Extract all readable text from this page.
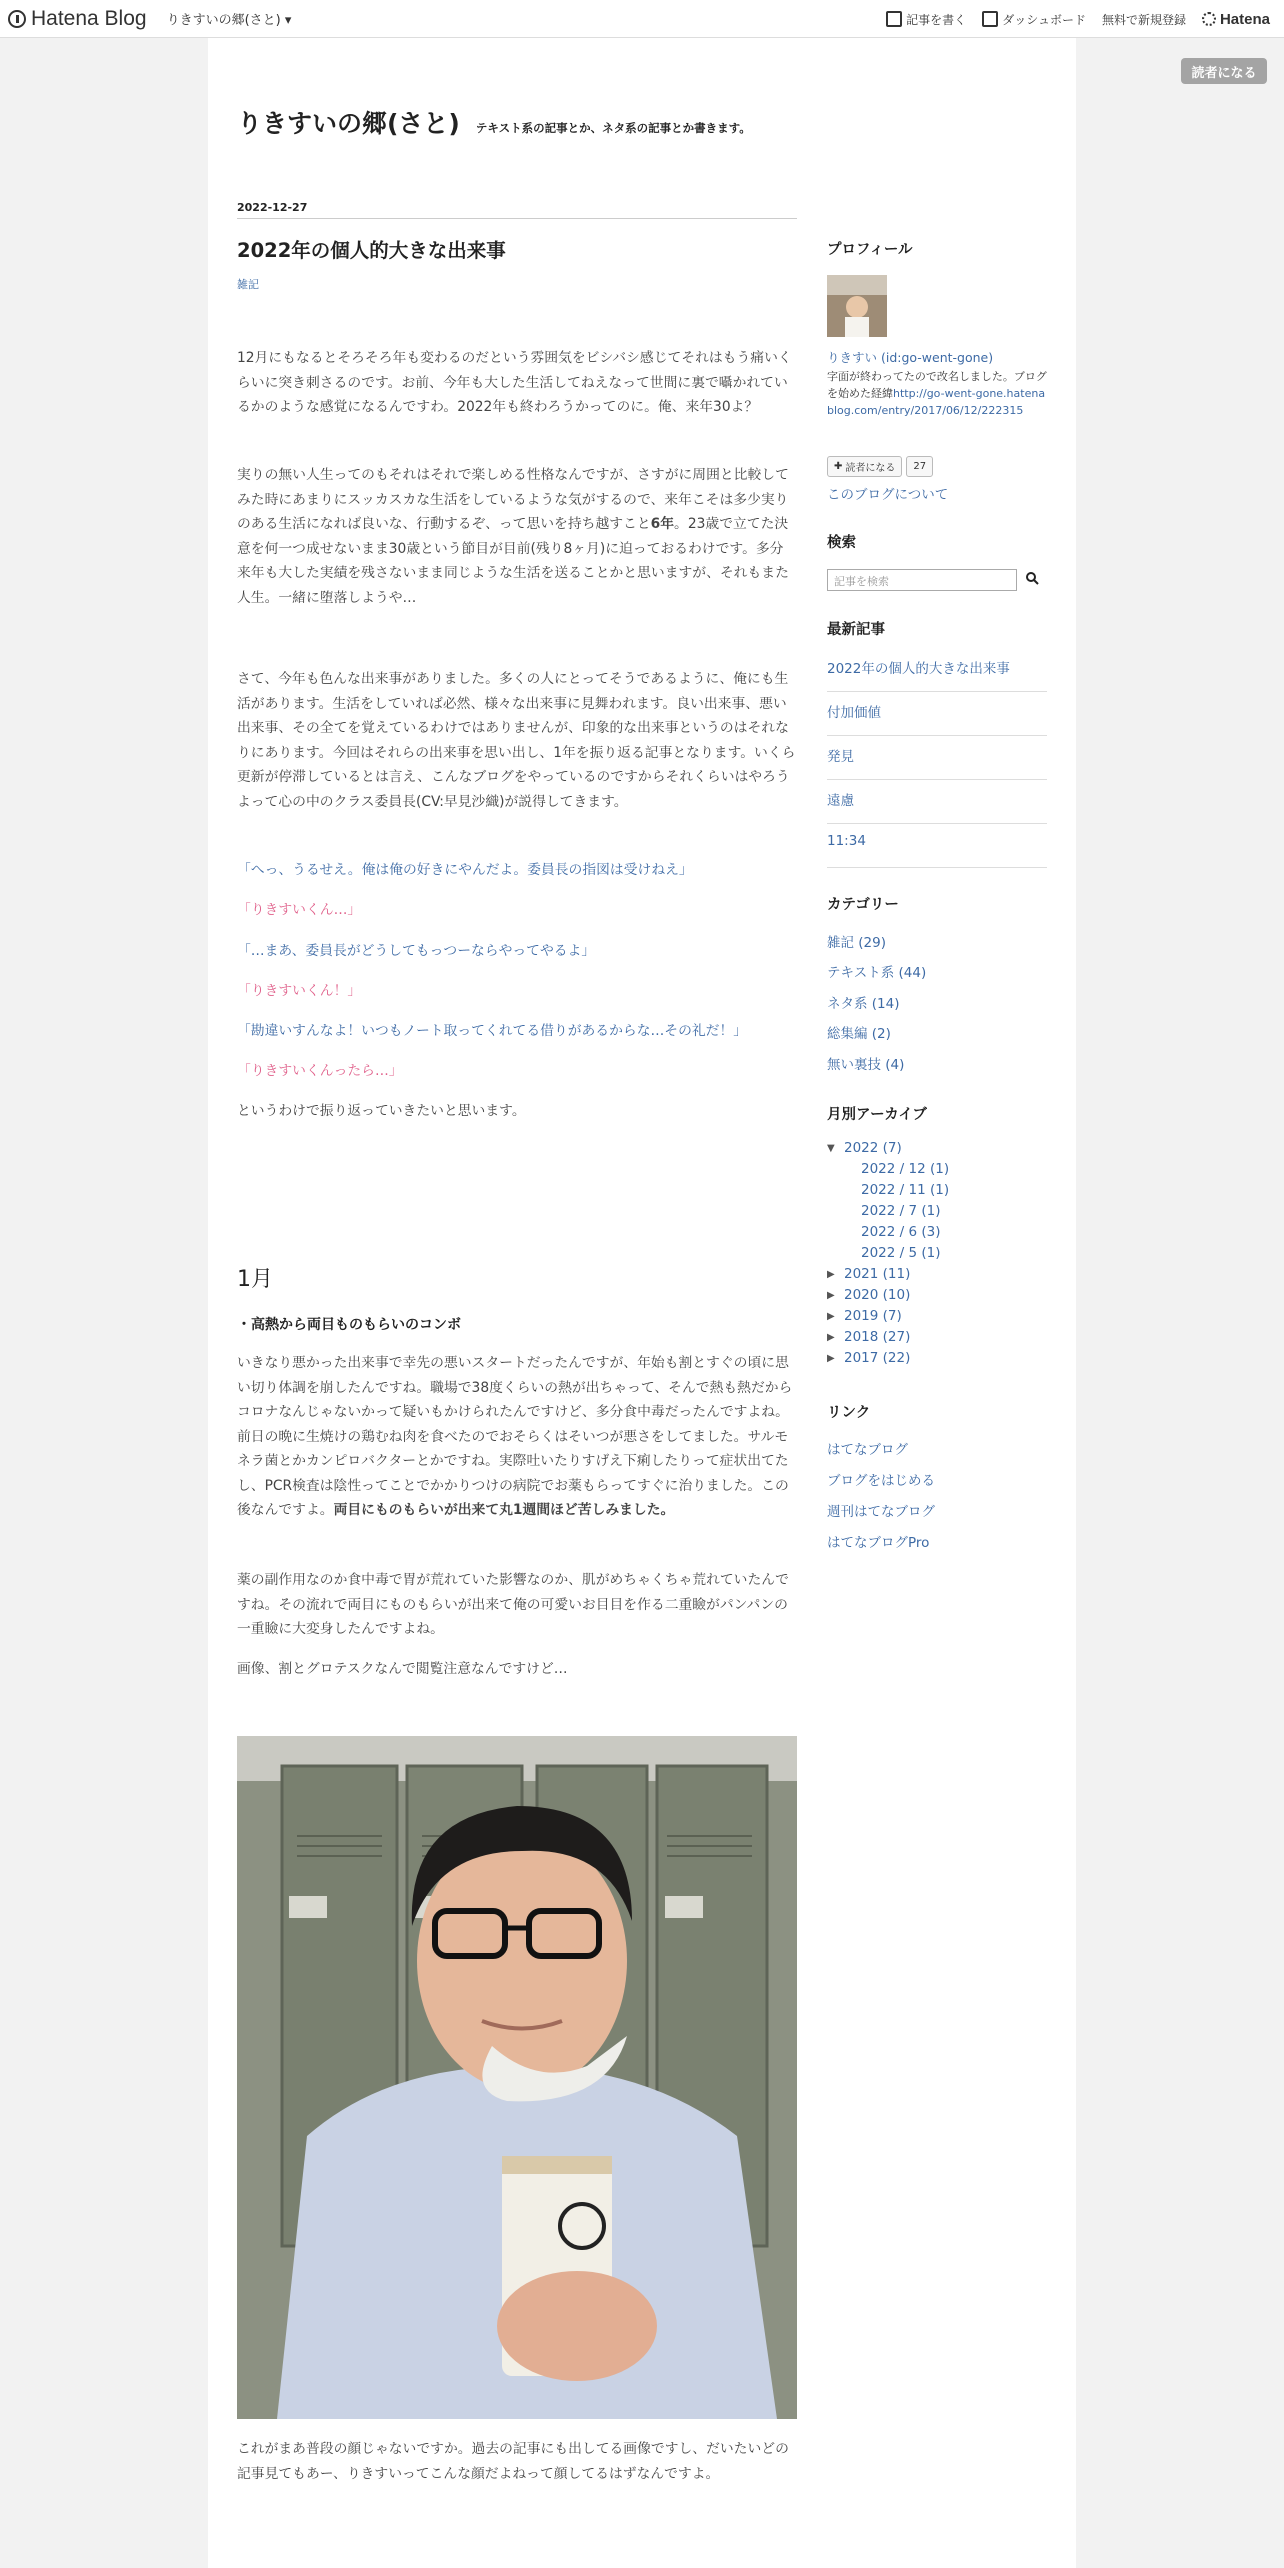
Hatena Blog りきすいの郷(さと) ▾	記事を書く	ダッシュボード 無料で新規登録 Hatena
読者になる
りきすいの郷(さと) テキスト系の記事とか、ネタ系の記事とか書きます。
2022-12-27
2022年の個人的大きな出来事
雑記

12月にもなるとそろそろ年も変わるのだという雰囲気をビシバシ感じてそれはもう痛いくらいに突き刺さるのです。お前、今年も大した生活してねえなって世間に裏で囁かれているかのような感覚になるんですわ。2022年も終わろうかってのに。俺、来年30よ？

実りの無い人生ってのもそれはそれで楽しめる性格なんですが、さすがに周囲と比較してみた時にあまりにスッカスカな生活をしているような気がするので、来年こそは多少実りのある生活になれば良いな、行動するぞ、って思いを持ち越すこと6年。23歳で立てた決意を何一つ成せないまま30歳という節目が目前(残り8ヶ月)に迫っておるわけです。多分来年も大した実績を残さないまま同じような生活を送ることかと思いますが、それもまた人生。一緒に堕落しようや…

さて、今年も色んな出来事がありました。多くの人にとってそうであるように、俺にも生活があります。生活をしていれば必然、様々な出来事に見舞われます。良い出来事、悪い出来事、その全てを覚えているわけではありませんが、印象的な出来事というのはそれなりにあります。今回はそれらの出来事を思い出し、1年を振り返る記事となります。いくら更新が停滞しているとは言え、こんなブログをやっているのですからそれくらいはやろうよって心の中のクラス委員長(CV:早見沙織)が説得してきます。

「へっ、うるせえ。俺は俺の好きにやんだよ。委員長の指図は受けねえ」
「りきすいくん…」
「…まあ、委員長がどうしてもっつーならやってやるよ」
「りきすいくん！」
「勘違いすんなよ！いつもノート取ってくれてる借りがあるからな…その礼だ！」
「りきすいくんったら…」
というわけで振り返っていきたいと思います。
1月
・高熱から両目ものもらいのコンボ

いきなり悪かった出来事で幸先の悪いスタートだったんですが、年始も割とすぐの頃に思い切り体調を崩したんですね。職場で38度くらいの熱が出ちゃって、そんで熱も熱だからコロナなんじゃないかって疑いもかけられたんですけど、多分食中毒だったんですよね。前日の晩に生焼けの鶏むね肉を食べたのでおそらくはそいつが悪さをしてました。サルモネラ菌とかカンピロバクターとかですね。実際吐いたりすげえ下痢したりって症状出てたし、PCR検査は陰性ってことでかかりつけの病院でお薬もらってすぐに治りました。この後なんですよ。両目にものもらいが出来て丸1週間ほど苦しみました。

薬の副作用なのか食中毒で胃が荒れていた影響なのか、肌がめちゃくちゃ荒れていたんですね。その流れで両目にものもらいが出来て俺の可愛いお目目を作る二重瞼がパンパンの一重瞼に大変身したんですよね。

画像、割とグロテスクなんで閲覧注意なんですけど…

これがまあ普段の顔じゃないですか。過去の記事にも出してる画像ですし、だいたいどの記事見てもあー、りきすいってこんな顔だよねって顔してるはずなんですよ。

プロフィール
りきすい (id:go-went-gone)
字面が終わってたので改名しました。ブログを始めた経緯http://go-went-gone.hatenablog.com/entry/2017/06/12/222315
✚ 読者になる	27
このブログについて
検索
記事を検索
最新記事
2022年の個人的大きな出来事
付加価値
発見
遠慮
11:34
カテゴリー
雑記 (29)
テキスト系 (44)
ネタ系 (14)
総集編 (2)
無い裏技 (4)
月別アーカイブ
▼ 2022 (7)
2022 / 12 (1)
2022 / 11 (1)
2022 / 7 (1)
2022 / 6 (3)
2022 / 5 (1)
▶ 2021 (11)
▶ 2020 (10)
▶ 2019 (7)
▶ 2018 (27)
▶ 2017 (22)
リンク
はてなブログ
ブログをはじめる
週刊はてなブログ
はてなブログPro
